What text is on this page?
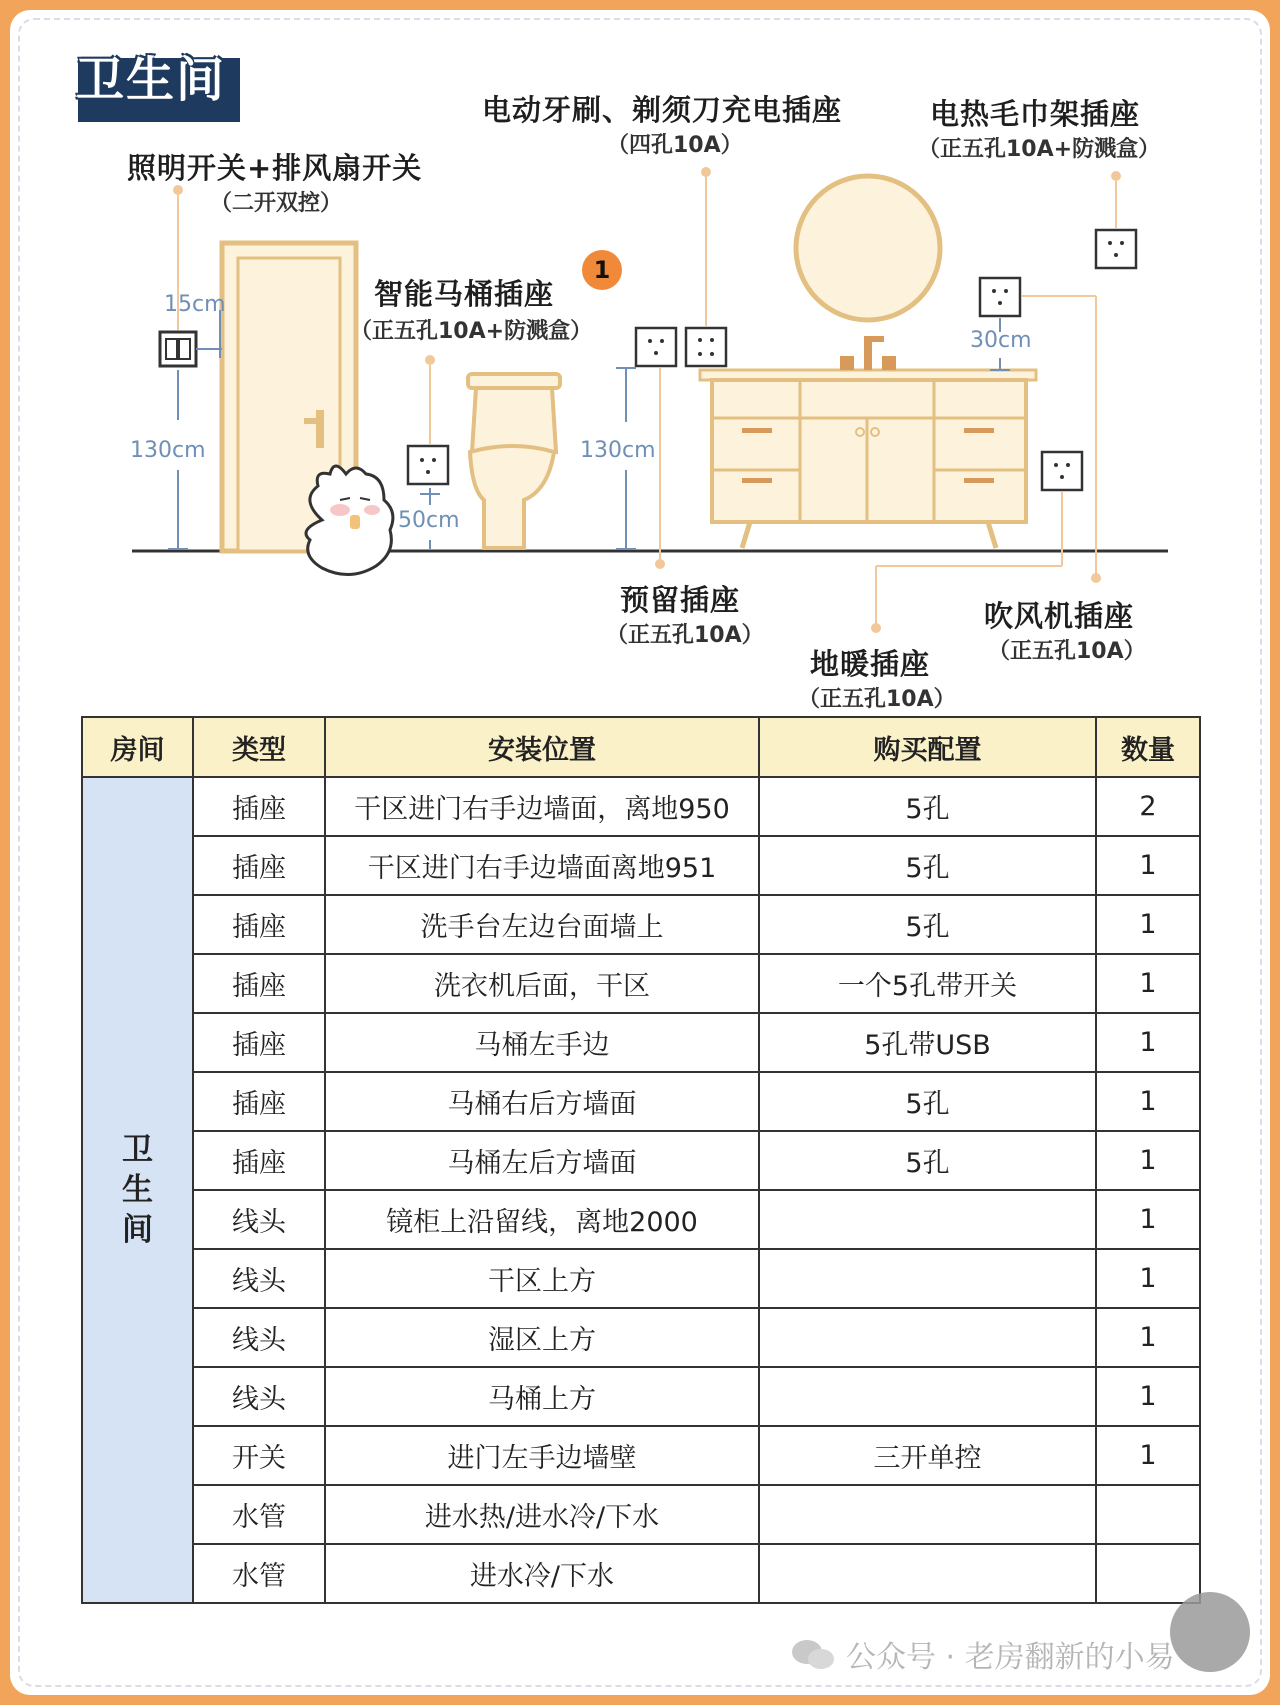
卫生间
1
照明开关+排风扇开关
（二开双控）
电动牙刷、剃须刀充电插座
（四孔10A）
电热毛巾架插座
（正五孔10A+防溅盒）
智能马桶插座
（正五孔10A+防溅盒）
预留插座
（正五孔10A）
地暖插座
（正五孔10A）
吹风机插座
（正五孔10A）
15cm
130cm
50cm
130cm
30cm
房间	类型	安装位置	购买配置	数量
卫生间	插座	干区进门右手边墙面，离地950	5孔	2
	插座	干区进门右手边墙面离地951	5孔	1
	插座	洗手台左边台面墙上	5孔	1
	插座	洗衣机后面，干区	一个5孔带开关	1
	插座	马桶左手边	5孔带USB	1
	插座	马桶右后方墙面	5孔	1
	插座	马桶左后方墙面	5孔	1
	线头	镜柜上沿留线，离地2000		1
	线头	干区上方		1
	线头	湿区上方		1
	线头	马桶上方		1
	开关	进门左手边墙壁	三开单控	1
	水管	进水热/进水冷/下水		
	水管	进水冷/下水		
公众号 · 老房翻新的小易
